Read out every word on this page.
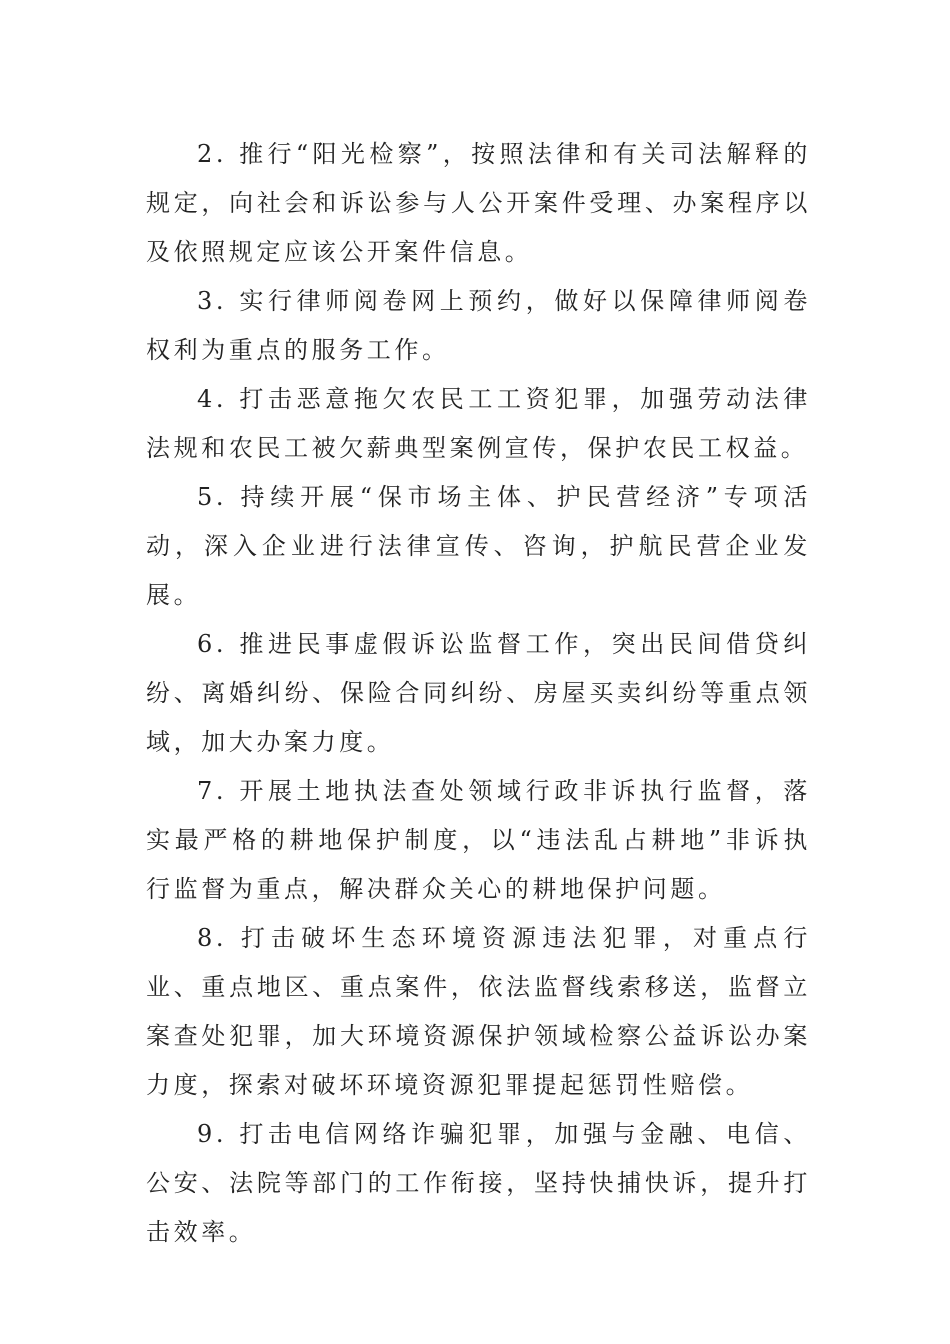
2. 推行“阳光检察”，按照法律和有关司法解释的规定，向社会和诉讼参与人公开案件受理、办案程序以及依照规定应该公开案件信息。

3. 实行律师阅卷网上预约，做好以保障律师阅卷权利为重点的服务工作。

4. 打击恶意拖欠农民工工资犯罪，加强劳动法律法规和农民工被欠薪典型案例宣传，保护农民工权益。

5. 持续开展“保市场主体、护民营经济”专项活动，深入企业进行法律宣传、咨询，护航民营企业发展。

6. 推进民事虚假诉讼监督工作，突出民间借贷纠纷、离婚纠纷、保险合同纠纷、房屋买卖纠纷等重点领域，加大办案力度。

7. 开展土地执法查处领域行政非诉执行监督，落实最严格的耕地保护制度，以“违法乱占耕地”非诉执行监督为重点，解决群众关心的耕地保护问题。

8. 打击破坏生态环境资源违法犯罪，对重点行业、重点地区、重点案件，依法监督线索移送，监督立案查处犯罪，加大环境资源保护领域检察公益诉讼办案力度，探索对破坏环境资源犯罪提起惩罚性赔偿。

9. 打击电信网络诈骗犯罪，加强与金融、电信、公安、法院等部门的工作衔接，坚持快捕快诉，提升打击效率。
